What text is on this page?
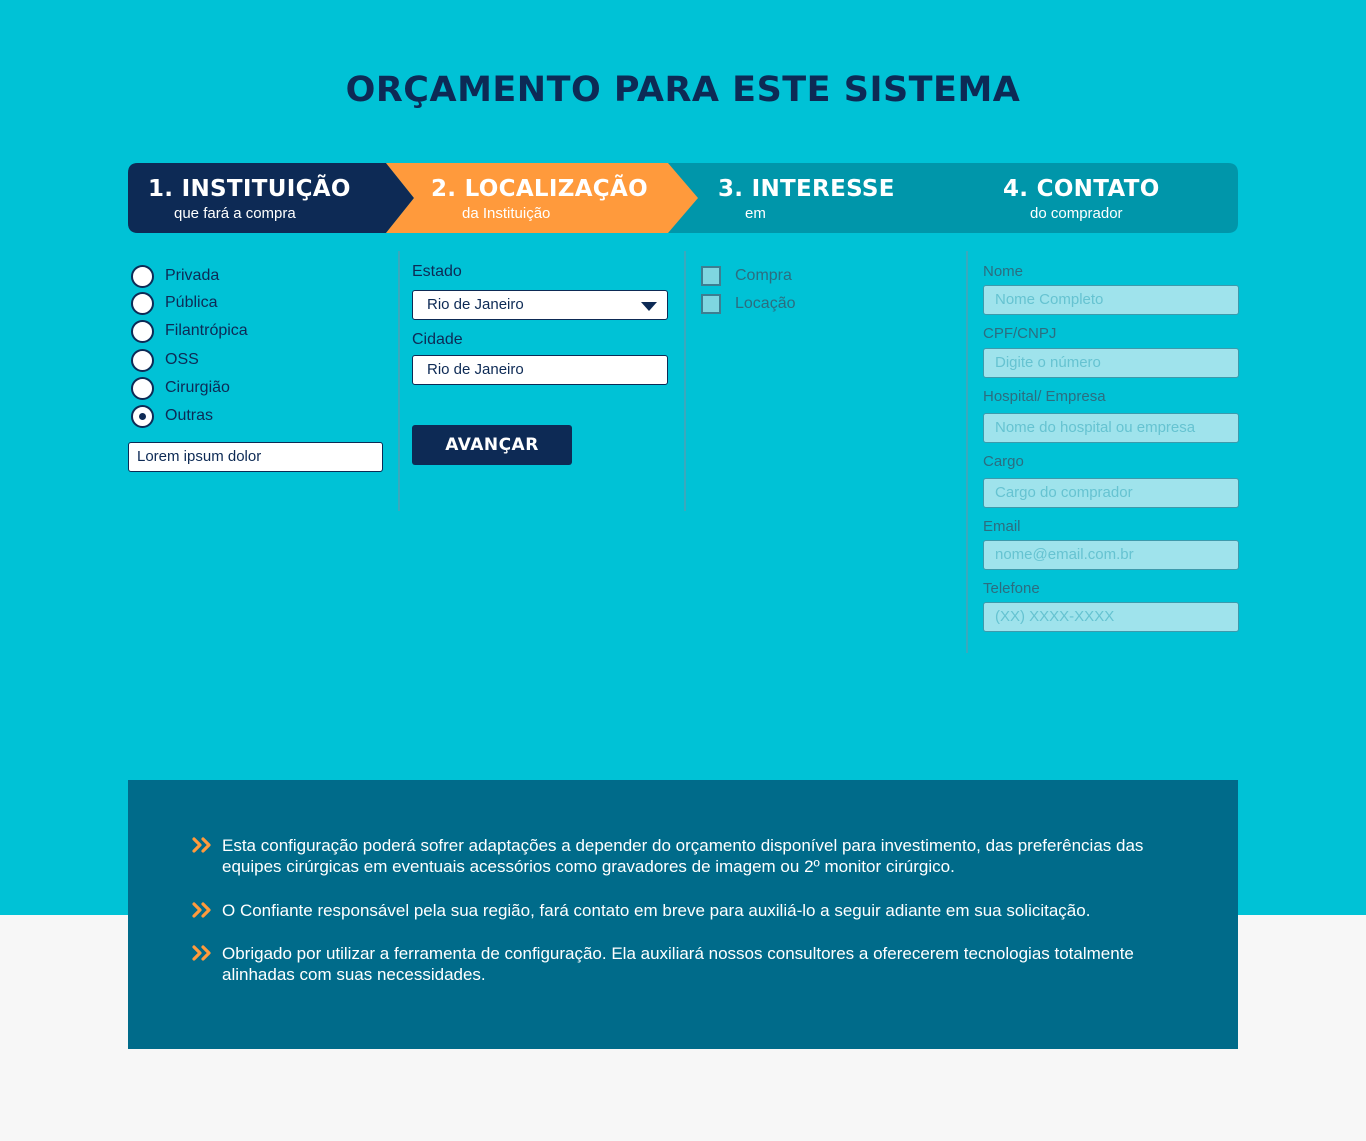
ORÇAMENTO PARA ESTE SISTEMA
1. INSTITUIÇÃO
que fará a compra
2. LOCALIZAÇÃO
da Instituição
3. INTERESSE
em
4. CONTATO
do comprador
Privada
Pública
Filantrópica
OSS
Cirurgião
Outras
Lorem ipsum dolor
Estado
Rio de Janeiro
Cidade
Rio de Janeiro
AVANÇAR
Compra
Locação
Nome
Nome Completo
CPF/CNPJ
Digite o número
Hospital/ Empresa
Nome do hospital ou empresa
Cargo
Cargo do comprador
Email
nome@email.com.br
Telefone
(XX) XXXX-XXXX
Esta configuração poderá sofrer adaptações a depender do orçamento disponível para investimento, das preferências das equipes cirúrgicas em eventuais acessórios como gravadores de imagem ou 2º monitor cirúrgico.
O Confiante responsável pela sua região, fará contato em breve para auxiliá-lo a seguir adiante em sua solicitação.
Obrigado por utilizar a ferramenta de configuração. Ela auxiliará nossos consultores a oferecerem tecnologias totalmente alinhadas com suas necessidades.
